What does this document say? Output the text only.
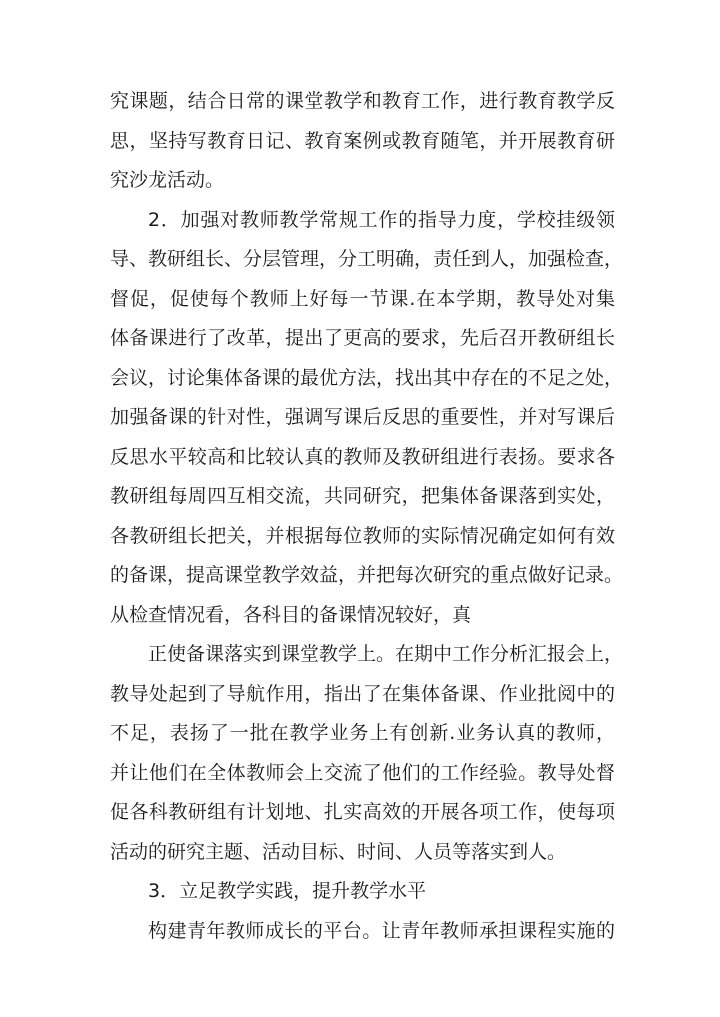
究课题，结合日常的课堂教学和教育工作，进行教育教学反
思，坚持写教育日记、教育案例或教育随笔，并开展教育研
究沙龙活动。
2．加强对教师教学常规工作的指导力度，学校挂级领
导、教研组长、分层管理，分工明确，责任到人，加强检查，
督促，促使每个教师上好每一节课.在本学期，教导处对集
体备课进行了改革，提出了更高的要求，先后召开教研组长
会议，讨论集体备课的最优方法，找出其中存在的不足之处，
加强备课的针对性，强调写课后反思的重要性，并对写课后
反思水平较高和比较认真的教师及教研组进行表扬。要求各
教研组每周四互相交流，共同研究，把集体备课落到实处，
各教研组长把关，并根据每位教师的实际情况确定如何有效
的备课，提高课堂教学效益，并把每次研究的重点做好记录。
从检查情况看，各科目的备课情况较好，真
正使备课落实到课堂教学上。在期中工作分析汇报会上，
教导处起到了导航作用，指出了在集体备课、作业批阅中的
不足，表扬了一批在教学业务上有创新.业务认真的教师，
并让他们在全体教师会上交流了他们的工作经验。教导处督
促各科教研组有计划地、扎实高效的开展各项工作，使每项
活动的研究主题、活动目标、时间、人员等落实到人。
3．立足教学实践，提升教学水平
构建青年教师成长的平台。让青年教师承担课程实施的
